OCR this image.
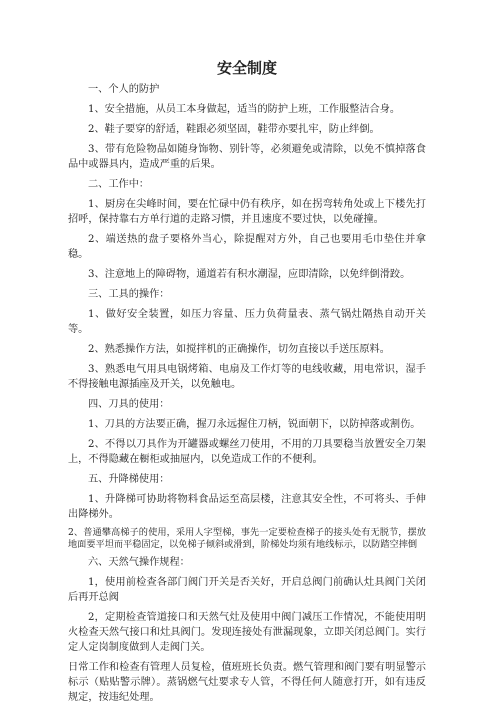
安全制度

一、个人的防护

1、安全措施，从员工本身做起，适当的防护上班，工作服整洁合身。

2、鞋子要穿的舒适，鞋跟必须坚固，鞋带亦要扎牢，防止绊倒。

3、带有危险物品如随身饰物、别针等，必须避免或清除，以免不慎掉落食品中或器具内，造成严重的后果。

二、工作中：

1、厨房在尖峰时间，要在忙碌中仍有秩序，如在拐弯转角处或上下楼先打招呼，保持靠右方单行道的走路习惯，并且速度不要过快，以免碰撞。

2、端送热的盘子要格外当心，除提醒对方外，自己也要用毛巾垫住并拿稳。

3、注意地上的障碍物，通道若有积水潮湿，应即清除，以免绊倒滑跤。

三、工具的操作：

1、做好安全装置，如压力容量、压力负荷量表、蒸气锅灶隔热自动开关等。

2、熟悉操作方法，如搅拌机的正确操作，切勿直接以手送压原料。

3、熟悉电气用具电锅烤箱、电扇及工作灯等的电线收藏，用电常识，湿手不得接触电源插座及开关，以免触电。

四、刀具的使用：

1、刀具的方法要正确，握刀永远握住刀柄，锐面朝下，以防掉落或割伤。

2、不得以刀具作为开罐器或螺丝刀使用，不用的刀具要稳当放置安全刀架上，不得隐藏在橱柜或抽屉内，以免造成工作的不便利。

五、升降梯使用：

1、升降梯可协助将物料食品运至高层楼，注意其安全性，不可将头、手伸出降梯外。

2、普通攀高梯子的使用，采用人字型梯，事先一定要检查梯子的接头处有无脱节，摆放地面要平坦而平稳固定，以免梯子倾斜或滑到，阶梯处均须有地线标示，以防踏空摔倒

六、天然气操作规程：

1，使用前检查各部门阀门开关是否关好，开启总阀门前确认灶具阀门关闭后再开总阀

2，定期检查管道接口和天然气灶及使用中阀门减压工作情况，不能使用明火检查天然气接口和灶具阀门。发现连接处有泄漏现象，立即关闭总阀门。实行定人定岗制度做到人走阀门关。

日常工作和检查有管理人员复检，值班班长负责。燃气管理和阀门要有明显警示标示（贴贴警示牌）。蒸锅燃气灶要求专人管，不得任何人随意打开，如有违反规定，按违纪处理。
